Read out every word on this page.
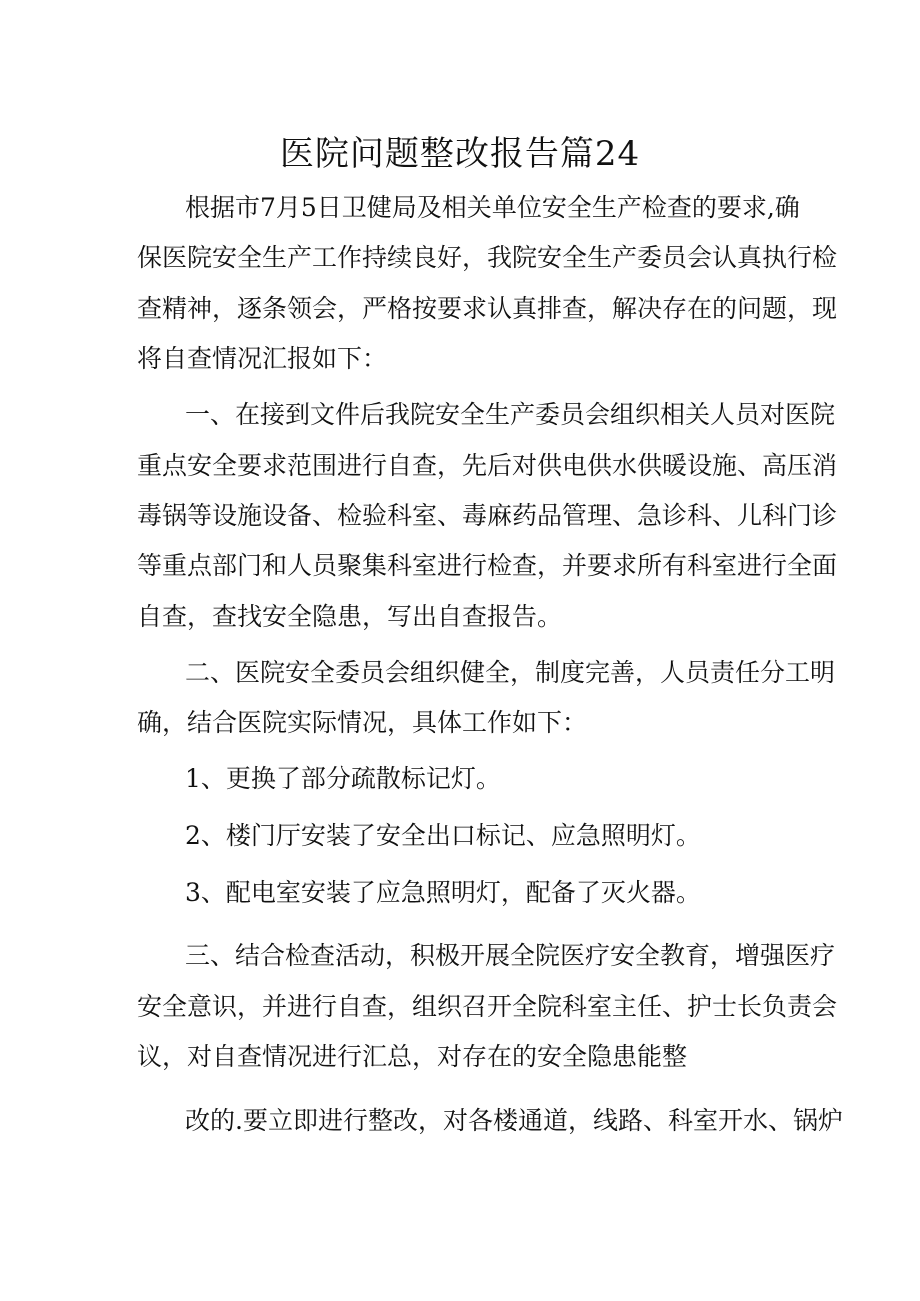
医院问题整改报告篇24
根据市7月5日卫健局及相关单位安全生产检查的要求,确
保医院安全生产工作持续良好，我院安全生产委员会认真执行检
查精神，逐条领会，严格按要求认真排查，解决存在的问题，现
将自查情况汇报如下：
一、在接到文件后我院安全生产委员会组织相关人员对医院
重点安全要求范围进行自查，先后对供电供水供暖设施、高压消
毒锅等设施设备、检验科室、毒麻药品管理、急诊科、儿科门诊
等重点部门和人员聚集科室进行检查，并要求所有科室进行全面
自查，查找安全隐患，写出自查报告。
二、医院安全委员会组织健全，制度完善，人员责任分工明
确，结合医院实际情况，具体工作如下：
1、更换了部分疏散标记灯。
2、楼门厅安装了安全出口标记、应急照明灯。
3、配电室安装了应急照明灯，配备了灭火器。
三、结合检查活动，积极开展全院医疗安全教育，增强医疗
安全意识，并进行自查，组织召开全院科室主任、护士长负责会
议，对自查情况进行汇总，对存在的安全隐患能整
改的.要立即进行整改，对各楼通道，线路、科室开水、锅炉
